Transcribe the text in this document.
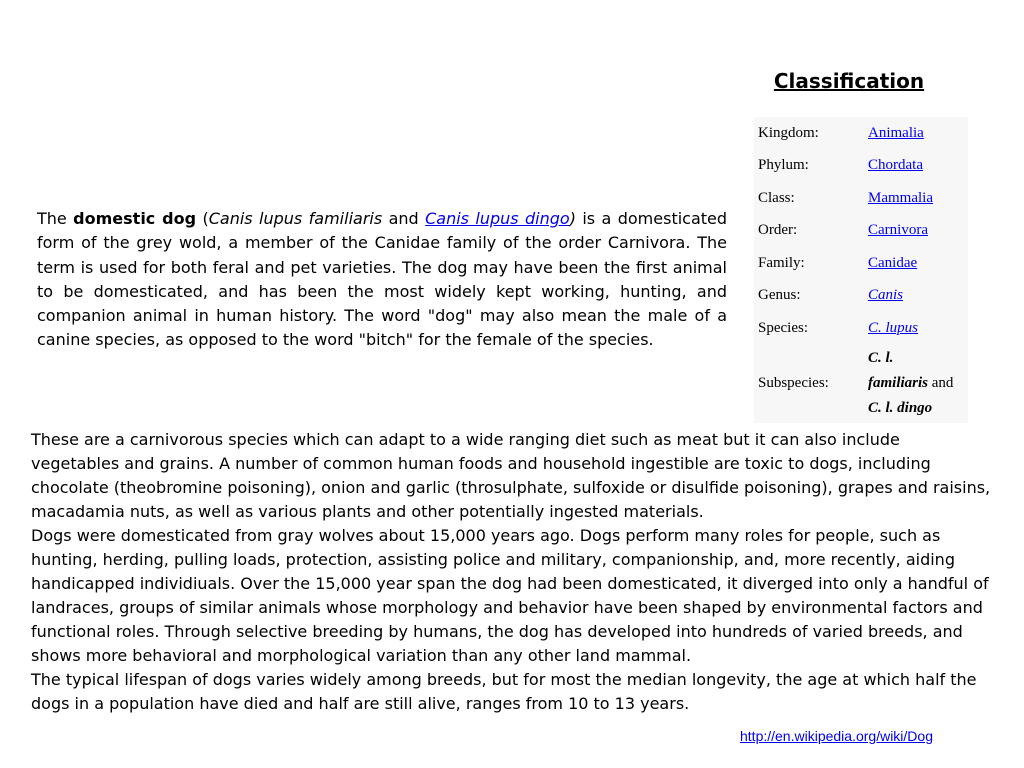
Classification
Kingdom:	Animalia
Phylum:	Chordata
Class:	Mammalia
Order:	Carnivora
Family:	Canidae
Genus:	Canis
Species:	C. lupus
Subspecies:	C. l.
familiaris and
C. l. dingo
The domestic dog (Canis lupus familiaris and Canis lupus dingo) is a domesticated form of the grey wold, a member of the Canidae family of the order Carnivora. The term is used for both feral and pet varieties. The dog may have been the first animal to be domesticated, and has been the most widely kept working, hunting, and companion animal in human history. The word "dog" may also mean the male of a canine species, as opposed to the word "bitch" for the female of the species.

These are a carnivorous species which can adapt to a wide ranging diet such as meat but it can also include vegetables and grains. A number of common human foods and household ingestible are toxic to dogs, including chocolate (theobromine poisoning), onion and garlic (throsulphate, sulfoxide or disulfide poisoning), grapes and raisins, macadamia nuts, as well as various plants and other potentially ingested materials.

Dogs were domesticated from gray wolves about 15,000 years ago. Dogs perform many roles for people, such as hunting, herding, pulling loads, protection, assisting police and military, companionship, and, more recently, aiding handicapped individiuals. Over the 15,000 year span the dog had been domesticated, it diverged into only a handful of landraces, groups of similar animals whose morphology and behavior have been shaped by environmental factors and functional roles. Through selective breeding by humans, the dog has developed into hundreds of varied breeds, and shows more behavioral and morphological variation than any other land mammal.

The typical lifespan of dogs varies widely among breeds, but for most the median longevity, the age at which half the dogs in a population have died and half are still alive, ranges from 10 to 13 years.

http://en.wikipedia.org/wiki/Dog
